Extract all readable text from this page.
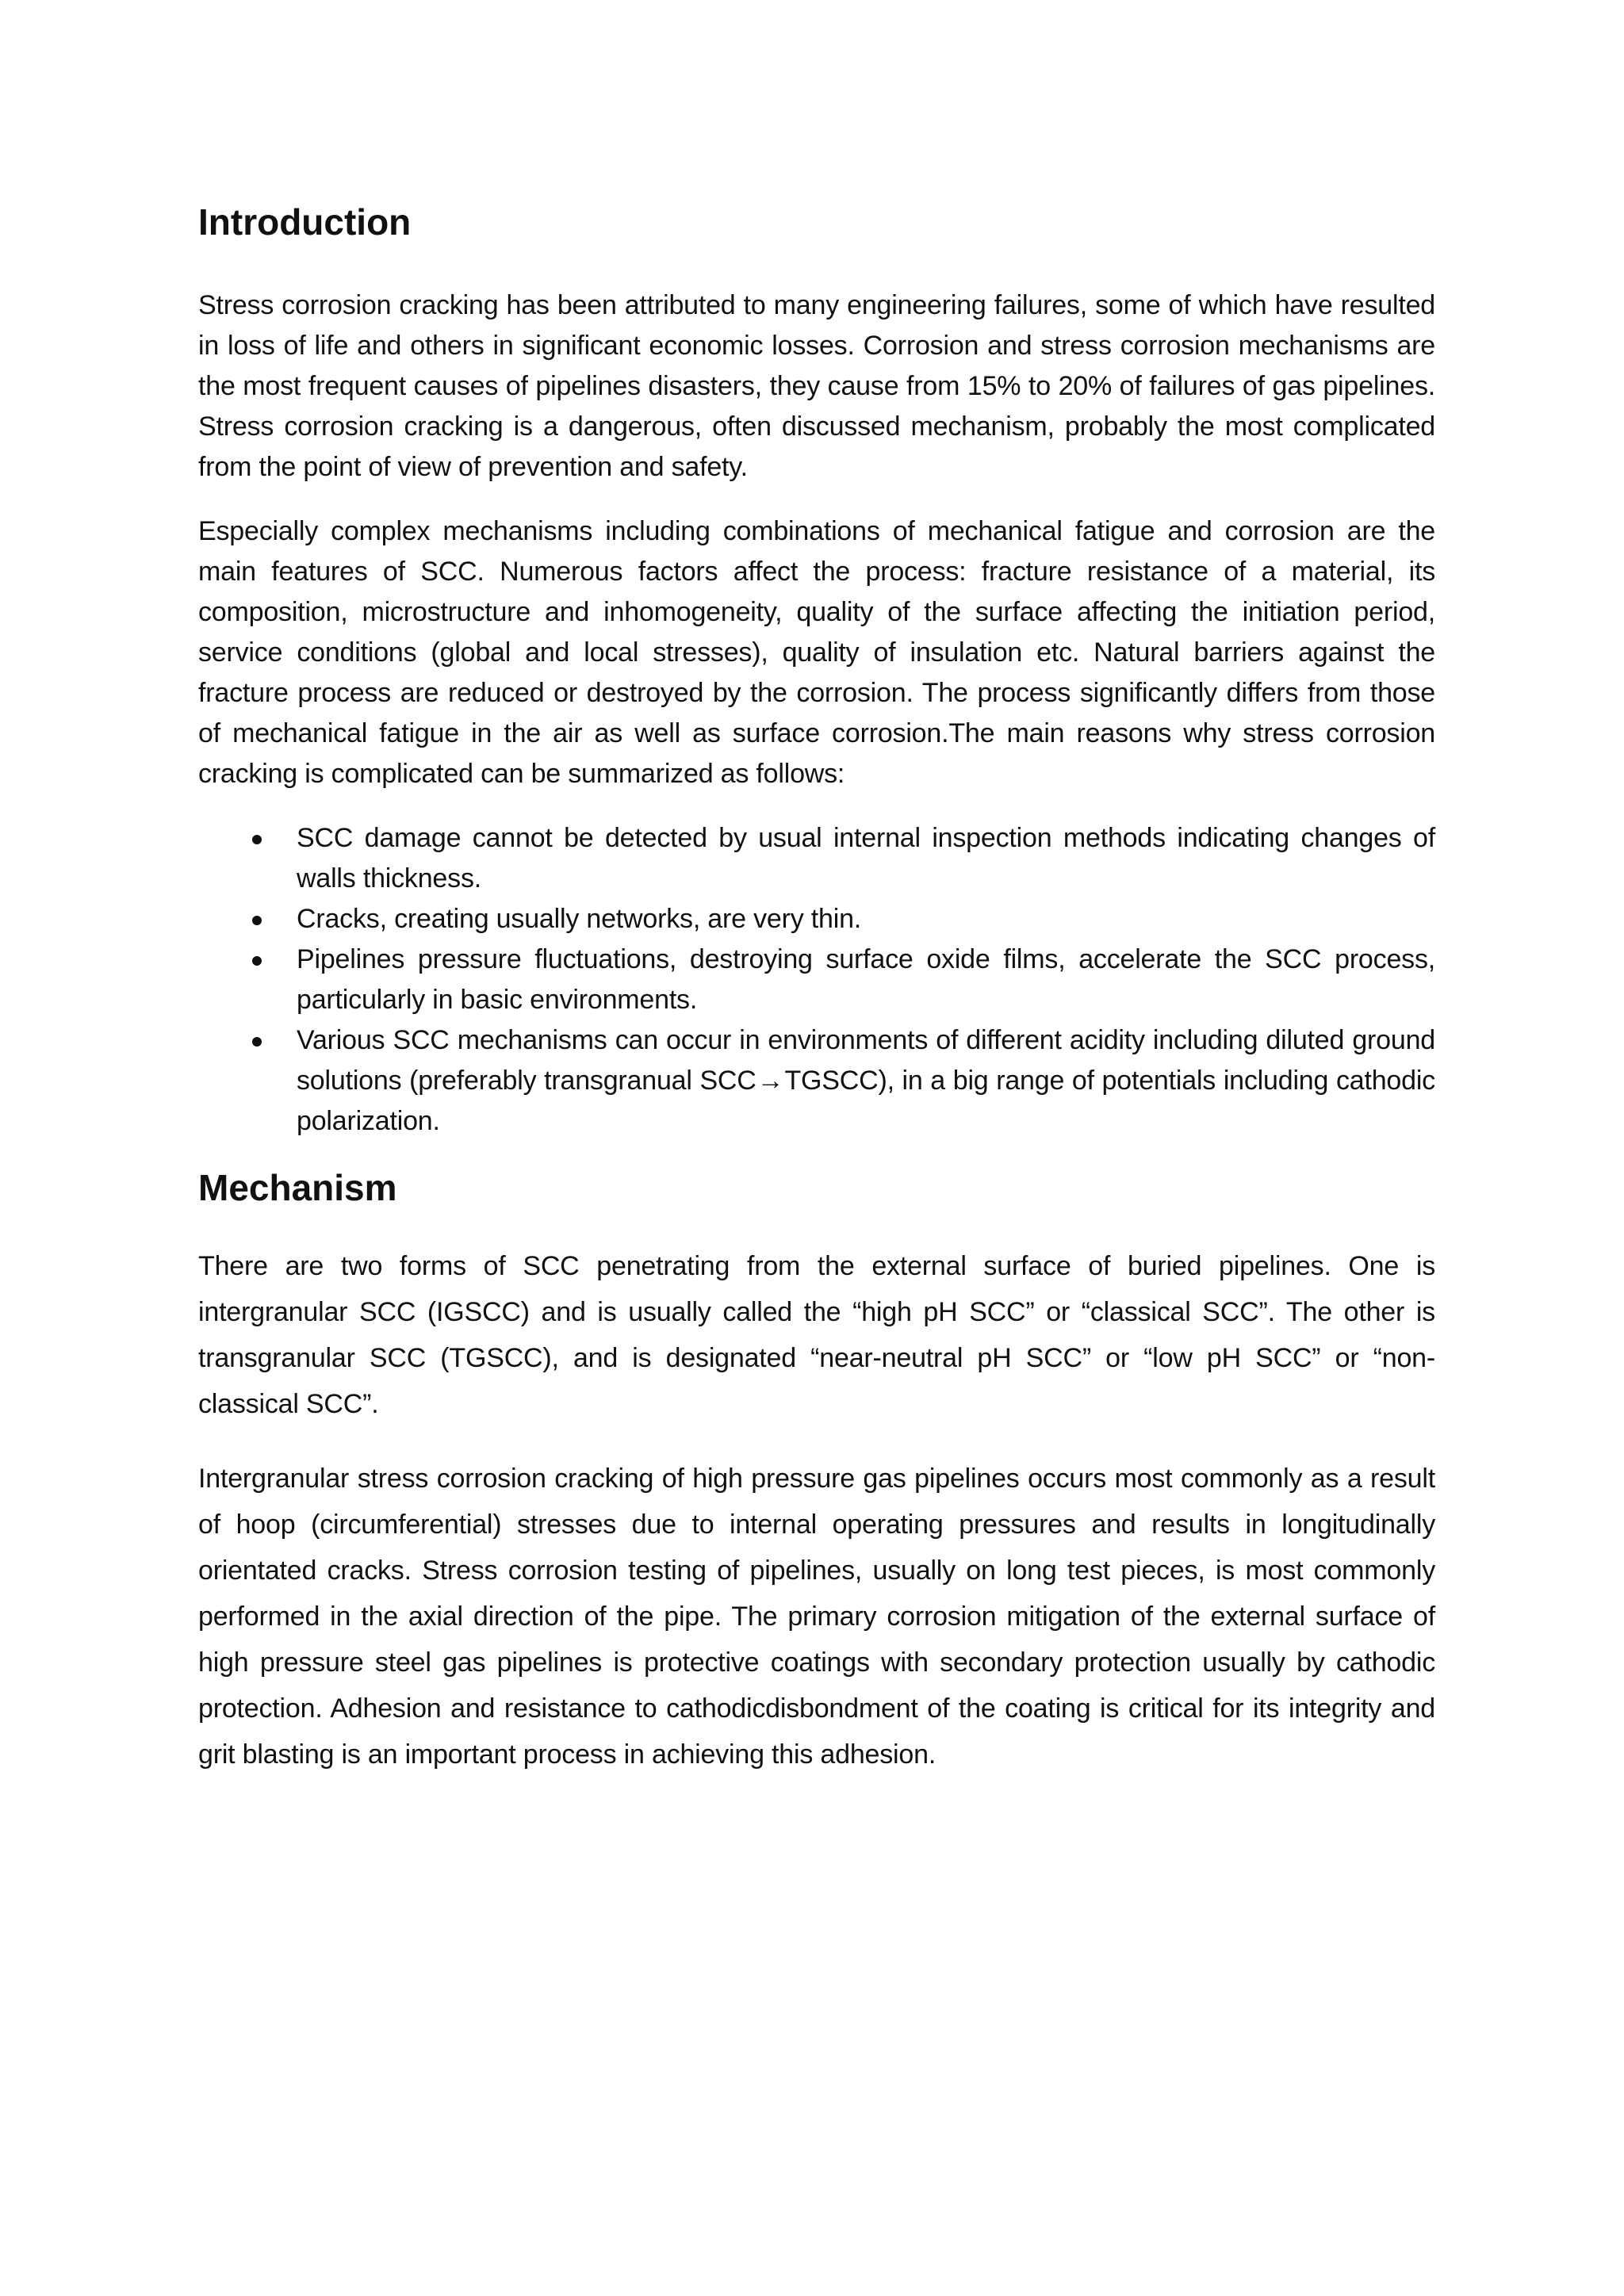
Introduction

Stress corrosion cracking has been attributed to many engineering failures, some of which have resulted in loss of life and others in significant economic losses. Corrosion and stress corrosion mechanisms are the most frequent causes of pipelines disasters, they cause from 15% to 20% of failures of gas pipelines. Stress corrosion cracking is a dangerous, often discussed mechanism, probably the most complicated from the point of view of prevention and safety.

Especially complex mechanisms including combinations of mechanical fatigue and corrosion are the main features of SCC. Numerous factors affect the process: fracture resistance of a material, its composition, microstructure and inhomogeneity, quality of the surface affecting the initiation period, service conditions (global and local stresses), quality of insulation etc. Natural barriers against the fracture process are reduced or destroyed by the corrosion. The process significantly differs from those of mechanical fatigue in the air as well as surface corrosion.The main reasons why stress corrosion cracking is complicated can be summarized as follows:

SCC damage cannot be detected by usual internal inspection methods indicating changes of walls thickness.
Cracks, creating usually networks, are very thin.
Pipelines pressure fluctuations, destroying surface oxide films, accelerate the SCC process, particularly in basic environments.
Various SCC mechanisms can occur in environments of different acidity including diluted ground solutions (preferably transgranual SCC→TGSCC), in a big range of potentials including cathodic polarization.
Mechanism

There are two forms of SCC penetrating from the external surface of buried pipelines. One is intergranular SCC (IGSCC) and is usually called the “high pH SCC” or “classical SCC”. The other is transgranular SCC (TGSCC), and is designated “near-neutral pH SCC” or “low pH SCC” or “non-classical SCC”.

Intergranular stress corrosion cracking of high pressure gas pipelines occurs most commonly as a result of hoop (circumferential) stresses due to internal operating pressures and results in longitudinally orientated cracks. Stress corrosion testing of pipelines, usually on long test pieces, is most commonly performed in the axial direction of the pipe. The primary corrosion mitigation of the external surface of high pressure steel gas pipelines is protective coatings with secondary protection usually by cathodic protection. Adhesion and resistance to cathodicdisbondment of the coating is critical for its integrity and grit blasting is an important process in achieving this adhesion.
